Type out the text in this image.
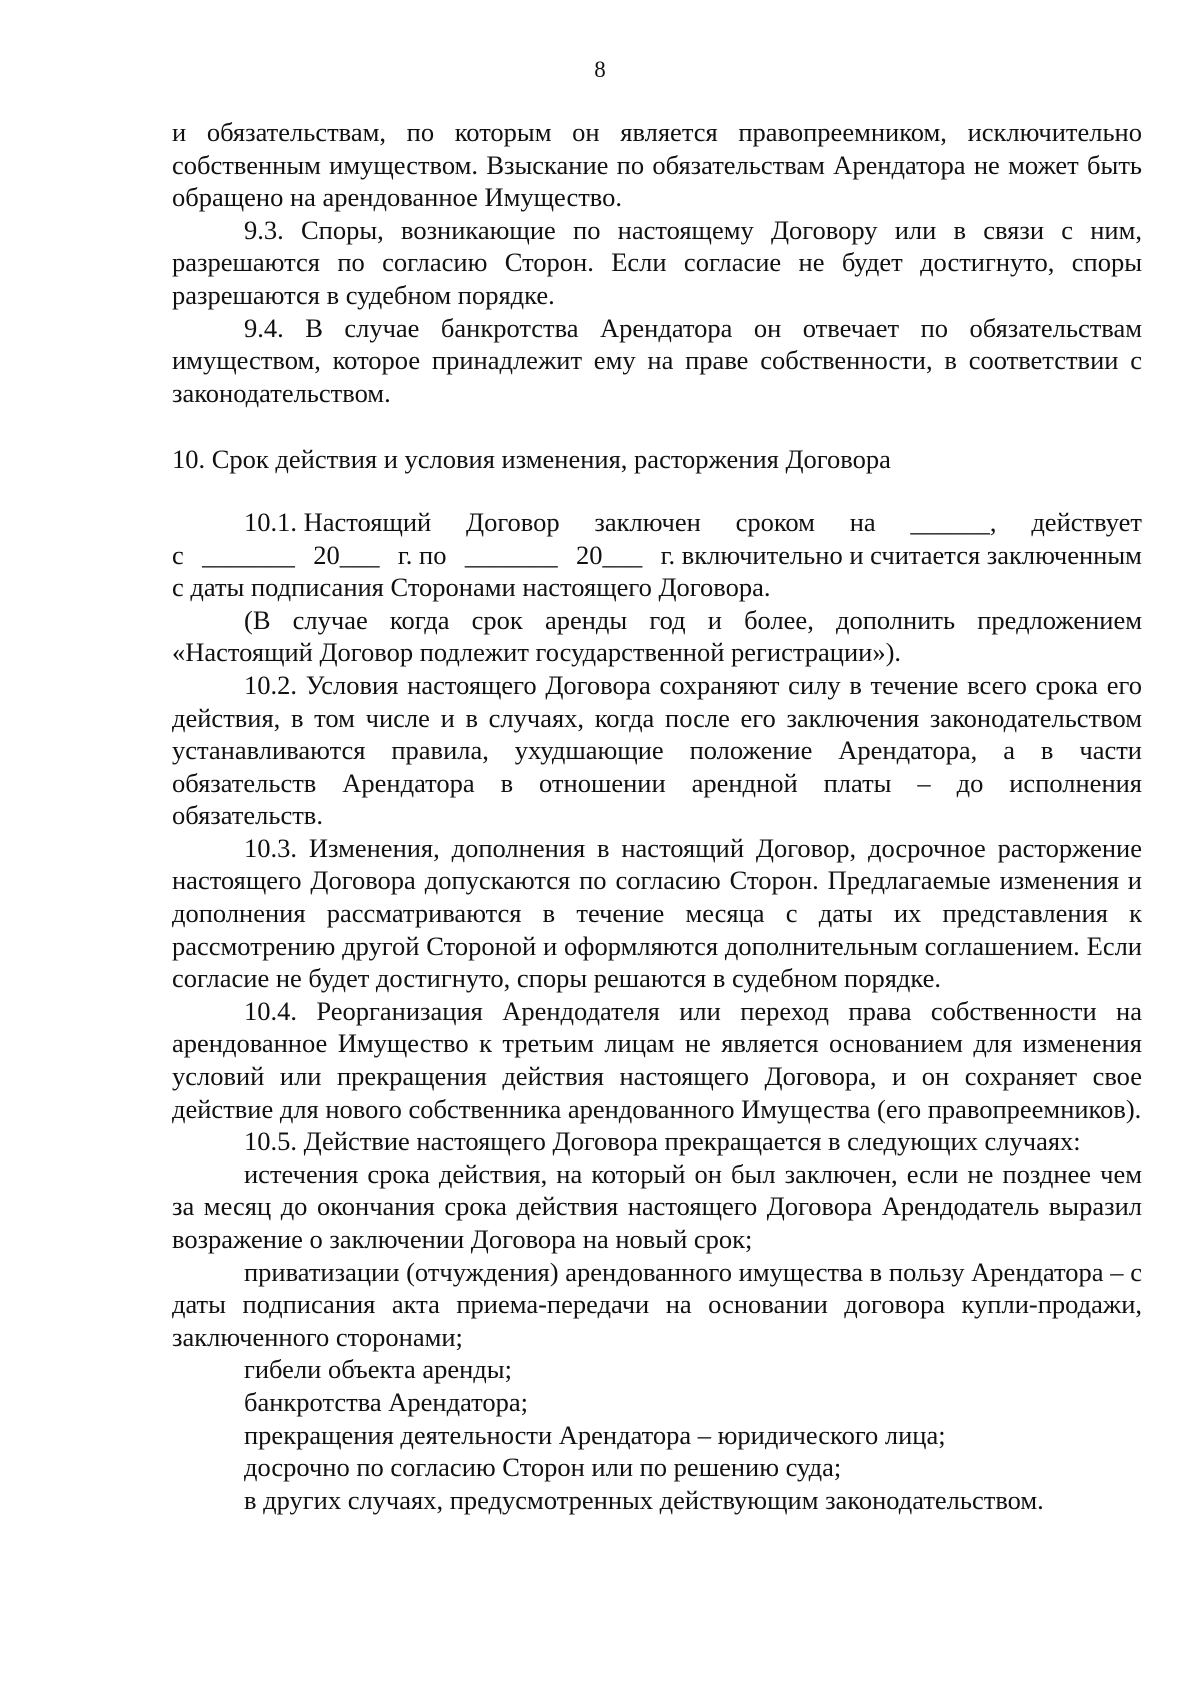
8

и обязательствам, по которым он является правопреемником, исключительно собственным имуществом. Взыскание по обязательствам Арендатора не может быть обращено на арендованное Имущество.

9.3. Споры, возникающие по настоящему Договору или в связи с ним, разрешаются по согласию Сторон. Если согласие не будет достигнуто, споры разрешаются в судебном порядке.

9.4. В случае банкротства Арендатора он отвечает по обязательствам имуществом, которое принадлежит ему на праве собственности, в соответствии с законодательством.

10. Срок действия и условия изменения, расторжения Договора

10.1. Настоящий Договор заключен сроком на ______, действует
с _______ 20___ г. по _______ 20___ г. включительно и считается заключенным

с даты подписания Сторонами настоящего Договора.

(В случае когда срок аренды год и более, дополнить предложением «Настоящий Договор подлежит государственной регистрации»).

10.2. Условия настоящего Договора сохраняют силу в течение всего срока его действия, в том числе и в случаях, когда после его заключения законодательством устанавливаются правила, ухудшающие положение Арендатора, а в части обязательств Арендатора в отношении арендной платы – до исполнения обязательств.

10.3. Изменения, дополнения в настоящий Договор, досрочное расторжение настоящего Договора допускаются по согласию Сторон. Предлагаемые изменения и дополнения рассматриваются в течение месяца с даты их представления к рассмотрению другой Стороной и оформляются дополнительным соглашением. Если согласие не будет достигнуто, споры решаются в судебном порядке.

10.4. Реорганизация Арендодателя или переход права собственности на арендованное Имущество к третьим лицам не является основанием для изменения условий или прекращения действия настоящего Договора, и он сохраняет свое действие для нового собственника арендованного Имущества (его правопреемников).

10.5. Действие настоящего Договора прекращается в следующих случаях:

истечения срока действия, на который он был заключен, если не позднее чем за месяц до окончания срока действия настоящего Договора Арендодатель выразил возражение о заключении Договора на новый срок;

приватизации (отчуждения) арендованного имущества в пользу Арендатора – с даты подписания акта приема-передачи на основании договора купли-продажи, заключенного сторонами;

гибели объекта аренды;

банкротства Арендатора;

прекращения деятельности Арендатора – юридического лица;

досрочно по согласию Сторон или по решению суда;

в других случаях, предусмотренных действующим законодательством.
